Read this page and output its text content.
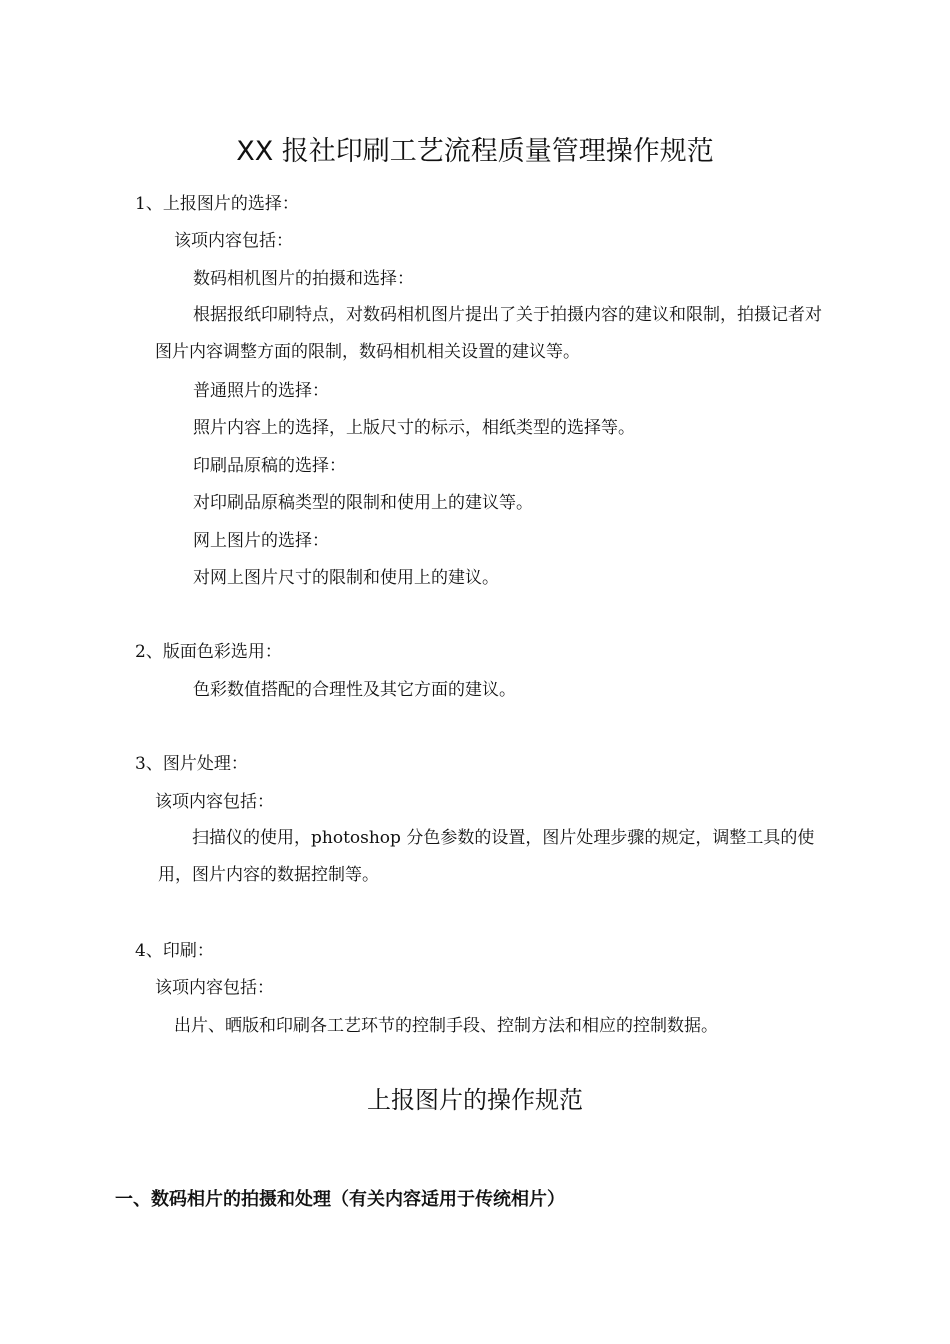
XX 报社印刷工艺流程质量管理操作规范
1、上报图片的选择：
该项内容包括：
数码相机图片的拍摄和选择：

根据报纸印刷特点，对数码相机图片提出了关于拍摄内容的建议和限制，拍摄记者对图片内容调整方面的限制，数码相机相关设置的建议等。

普通照片的选择：
照片内容上的选择，上版尺寸的标示，相纸类型的选择等。
印刷品原稿的选择：
对印刷品原稿类型的限制和使用上的建议等。
网上图片的选择：
对网上图片尺寸的限制和使用上的建议。
2、版面色彩选用：
色彩数值搭配的合理性及其它方面的建议。
3、图片处理：
该项内容包括：

扫描仪的使用，photoshop 分色参数的设置，图片处理步骤的规定，调整工具的使用，图片内容的数据控制等。

4、印刷：
该项内容包括：
出片、晒版和印刷各工艺环节的控制手段、控制方法和相应的控制数据。
上报图片的操作规范
一、数码相片的拍摄和处理（有关内容适用于传统相片）
